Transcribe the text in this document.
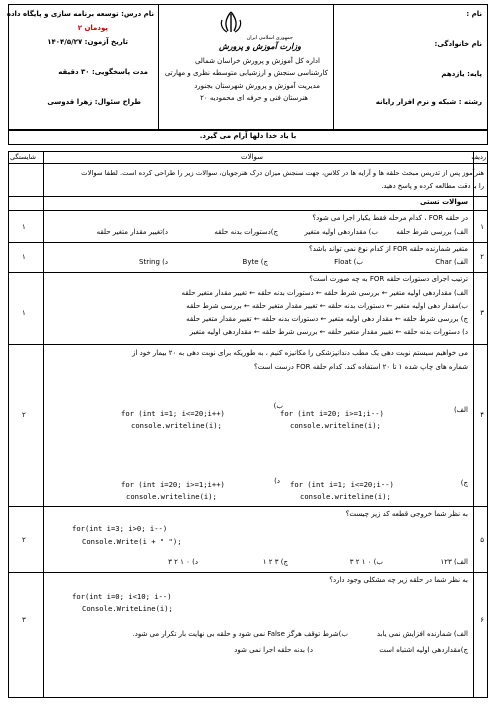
نام :
نام خانوادگی:
پایه: یازدهم
رشته : شبکه و نرم افزار رایانه
جمهوری اسلامی ایران
وزارت آموزش و پرورش
اداره کل آموزش و پرورش خراسان شمالی
کارشناسی سنجش و ارزشیابی متوسطه نظری و مهارتی
مدیریت آموزش و پرورش شهرستان بجنورد
هنرستان فنی و حرفه ای محمودیه ۲۰
نام درس: توسعه برنامه سازی و پایگاه داده
پودمان ۲
تاریخ آزمون: ۱۴۰۴/۵/۲۷
مدت پاسخگویی: ۳۰ دقیقه
طراح سئوال: زهرا قدوسی
با یاد خدا دلها آرام می گیرد.
ردیف
سوالات
شایستگی
هنرآموز پس از تدریس مبحث حلقه ها و آرایه ها در کلاس، جهت سنجش میزان درک هنرجویان، سوالات زیر را طراحی کرده است. لطفا سوالات
را با دقت مطالعه کرده و پاسخ دهید.
سوالات تستی
۱
۱
در حلقه FOR ، کدام مرحله فقط یکبار اجرا می شود؟
الف) بررسی شرط حلقه
ب) مقداردهی اولیه متغیر
ج)دستورات بدنه حلقه
د)تغییر مقدار متغیر حلقه
۲
۱
متغیر شمارنده حلقه FOR از کدام نوع نمی تواند باشد؟
الف) Char
ب) Float
ج) Byte
د) String
۳
۱
ترتیب اجرای دستورات حلقه FOR به چه صورت است؟
الف) مقداردهی اولیه متغیر ← بررسی شرط حلقه ← دستورات بدنه حلقه ← تغییر مقدار متغیر حلقه
ب)مقدار دهی اولیه متغیر ← دستورات بدنه حلقه ← تغییر مقدار متغیر حلقه ← بررسی شرط حلقه
ج) بررسی شرط حلقه ← مقدار دهی اولیه متغیر ← دستورات بدنه حلقه ← تغییر مقدار متغیر حلقه
د) دستورات بدنه حلقه ← تغییر مقدار متغیر حلقه ← بررسی شرط حلقه ← مقداردهی اولیه متغیر
۴
۲
می خواهیم سیستم نوبت دهی یک مطب دندانپزشکی را مکانیزه کنیم ، به طوریکه برای نوبت دهی به ۲۰ بیمار خود از
شماره های چاپ شده ۱ تا ۲۰ استفاده کند. کدام حلقه FOR درست است؟
الف)
ب)
ج)
د)
for (int i=20; i>=1;i--)
console.writeline(i);
for (int i=1; i<=20;i++)
console.writeline(i);
for (int i=1; i<=20;i--)
console.writeline(i);
for (int i=20; i>=1;i++)
console.writeline(i);
۵
۲
به نظر شما خروجی قطعه کد زیر چیست؟
for(int i=3; i>0; i--)
Console.Write(i + " ");
الف) ۱۲۳
ب) ۰ ۱ ۲ ۳
ج) ۳ ۲ ۱
د) ۰ ۱ ۲ ۳
۶
۳
به نظر شما در حلقه زیر چه مشکلی وجود دارد؟
for(int i=0; i<10; i--)
Console.WriteLine(i);
الف) شمارنده افزایش نمی یابد
ب)شرط توقف هرگز False نمی شود و حلقه بی نهایت بار تکرار می شود.
ج)مقداردهی اولیه اشتباه است
د) بدنه حلقه اجرا نمی شود
